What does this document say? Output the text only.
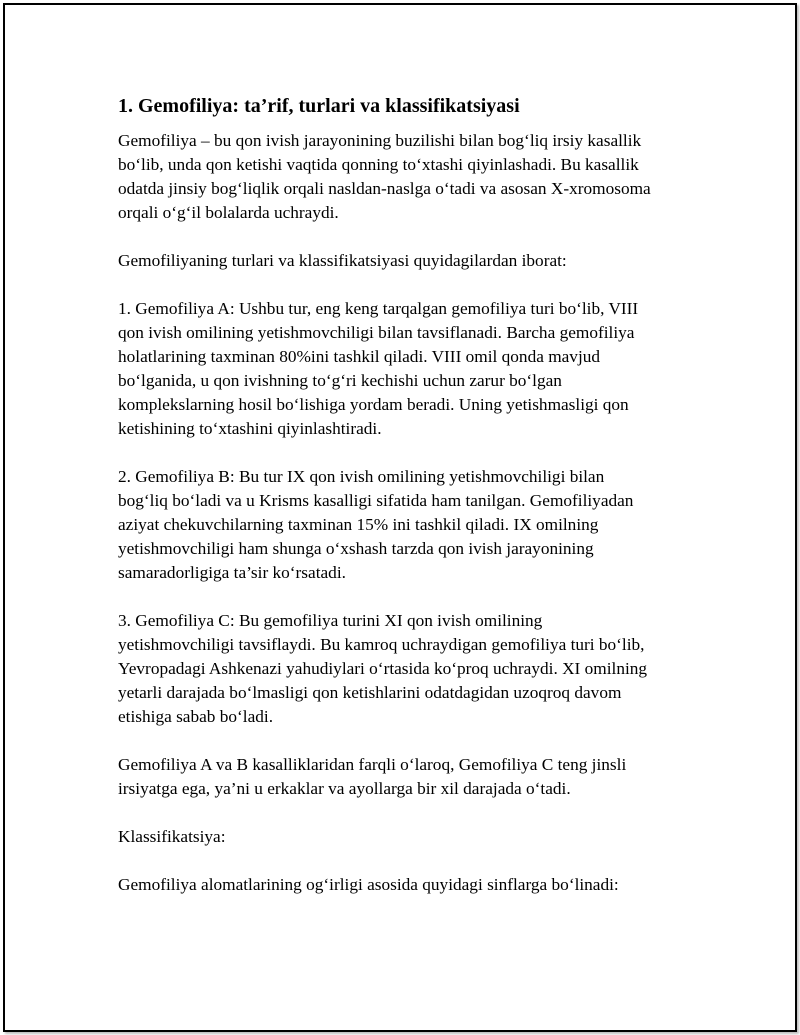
1. Gemofiliya: ta’rif, turlari va klassifikatsiyasi
Gemofiliya – bu qon ivish jarayonining buzilishi bilan bog‘liq irsiy kasallik
bo‘lib, unda qon ketishi vaqtida qonning to‘xtashi qiyinlashadi. Bu kasallik
odatda jinsiy bog‘liqlik orqali nasldan-naslga o‘tadi va asosan X-xromosoma
orqali o‘g‘il bolalarda uchraydi.
Gemofiliyaning turlari va klassifikatsiyasi quyidagilardan iborat:
1. Gemofiliya A: Ushbu tur, eng keng tarqalgan gemofiliya turi bo‘lib, VIII
qon ivish omilining yetishmovchiligi bilan tavsiflanadi. Barcha gemofiliya
holatlarining taxminan 80%ini tashkil qiladi. VIII omil qonda mavjud
bo‘lganida, u qon ivishning to‘g‘ri kechishi uchun zarur bo‘lgan
komplekslarning hosil bo‘lishiga yordam beradi. Uning yetishmasligi qon
ketishining to‘xtashini qiyinlashtiradi.
2. Gemofiliya B: Bu tur IX qon ivish omilining yetishmovchiligi bilan
bog‘liq bo‘ladi va u Krisms kasalligi sifatida ham tanilgan. Gemofiliyadan
aziyat chekuvchilarning taxminan 15% ini tashkil qiladi. IX omilning
yetishmovchiligi ham shunga o‘xshash tarzda qon ivish jarayonining
samaradorligiga ta’sir ko‘rsatadi.
3. Gemofiliya C: Bu gemofiliya turini XI qon ivish omilining
yetishmovchiligi tavsiflaydi. Bu kamroq uchraydigan gemofiliya turi bo‘lib,
Yevropadagi Ashkenazi yahudiylari o‘rtasida ko‘proq uchraydi. XI omilning
yetarli darajada bo‘lmasligi qon ketishlarini odatdagidan uzoqroq davom
etishiga sabab bo‘ladi.
Gemofiliya A va B kasalliklaridan farqli o‘laroq, Gemofiliya C teng jinsli
irsiyatga ega, ya’ni u erkaklar va ayollarga bir xil darajada o‘tadi.
Klassifikatsiya:
Gemofiliya alomatlarining og‘irligi asosida quyidagi sinflarga bo‘linadi:
